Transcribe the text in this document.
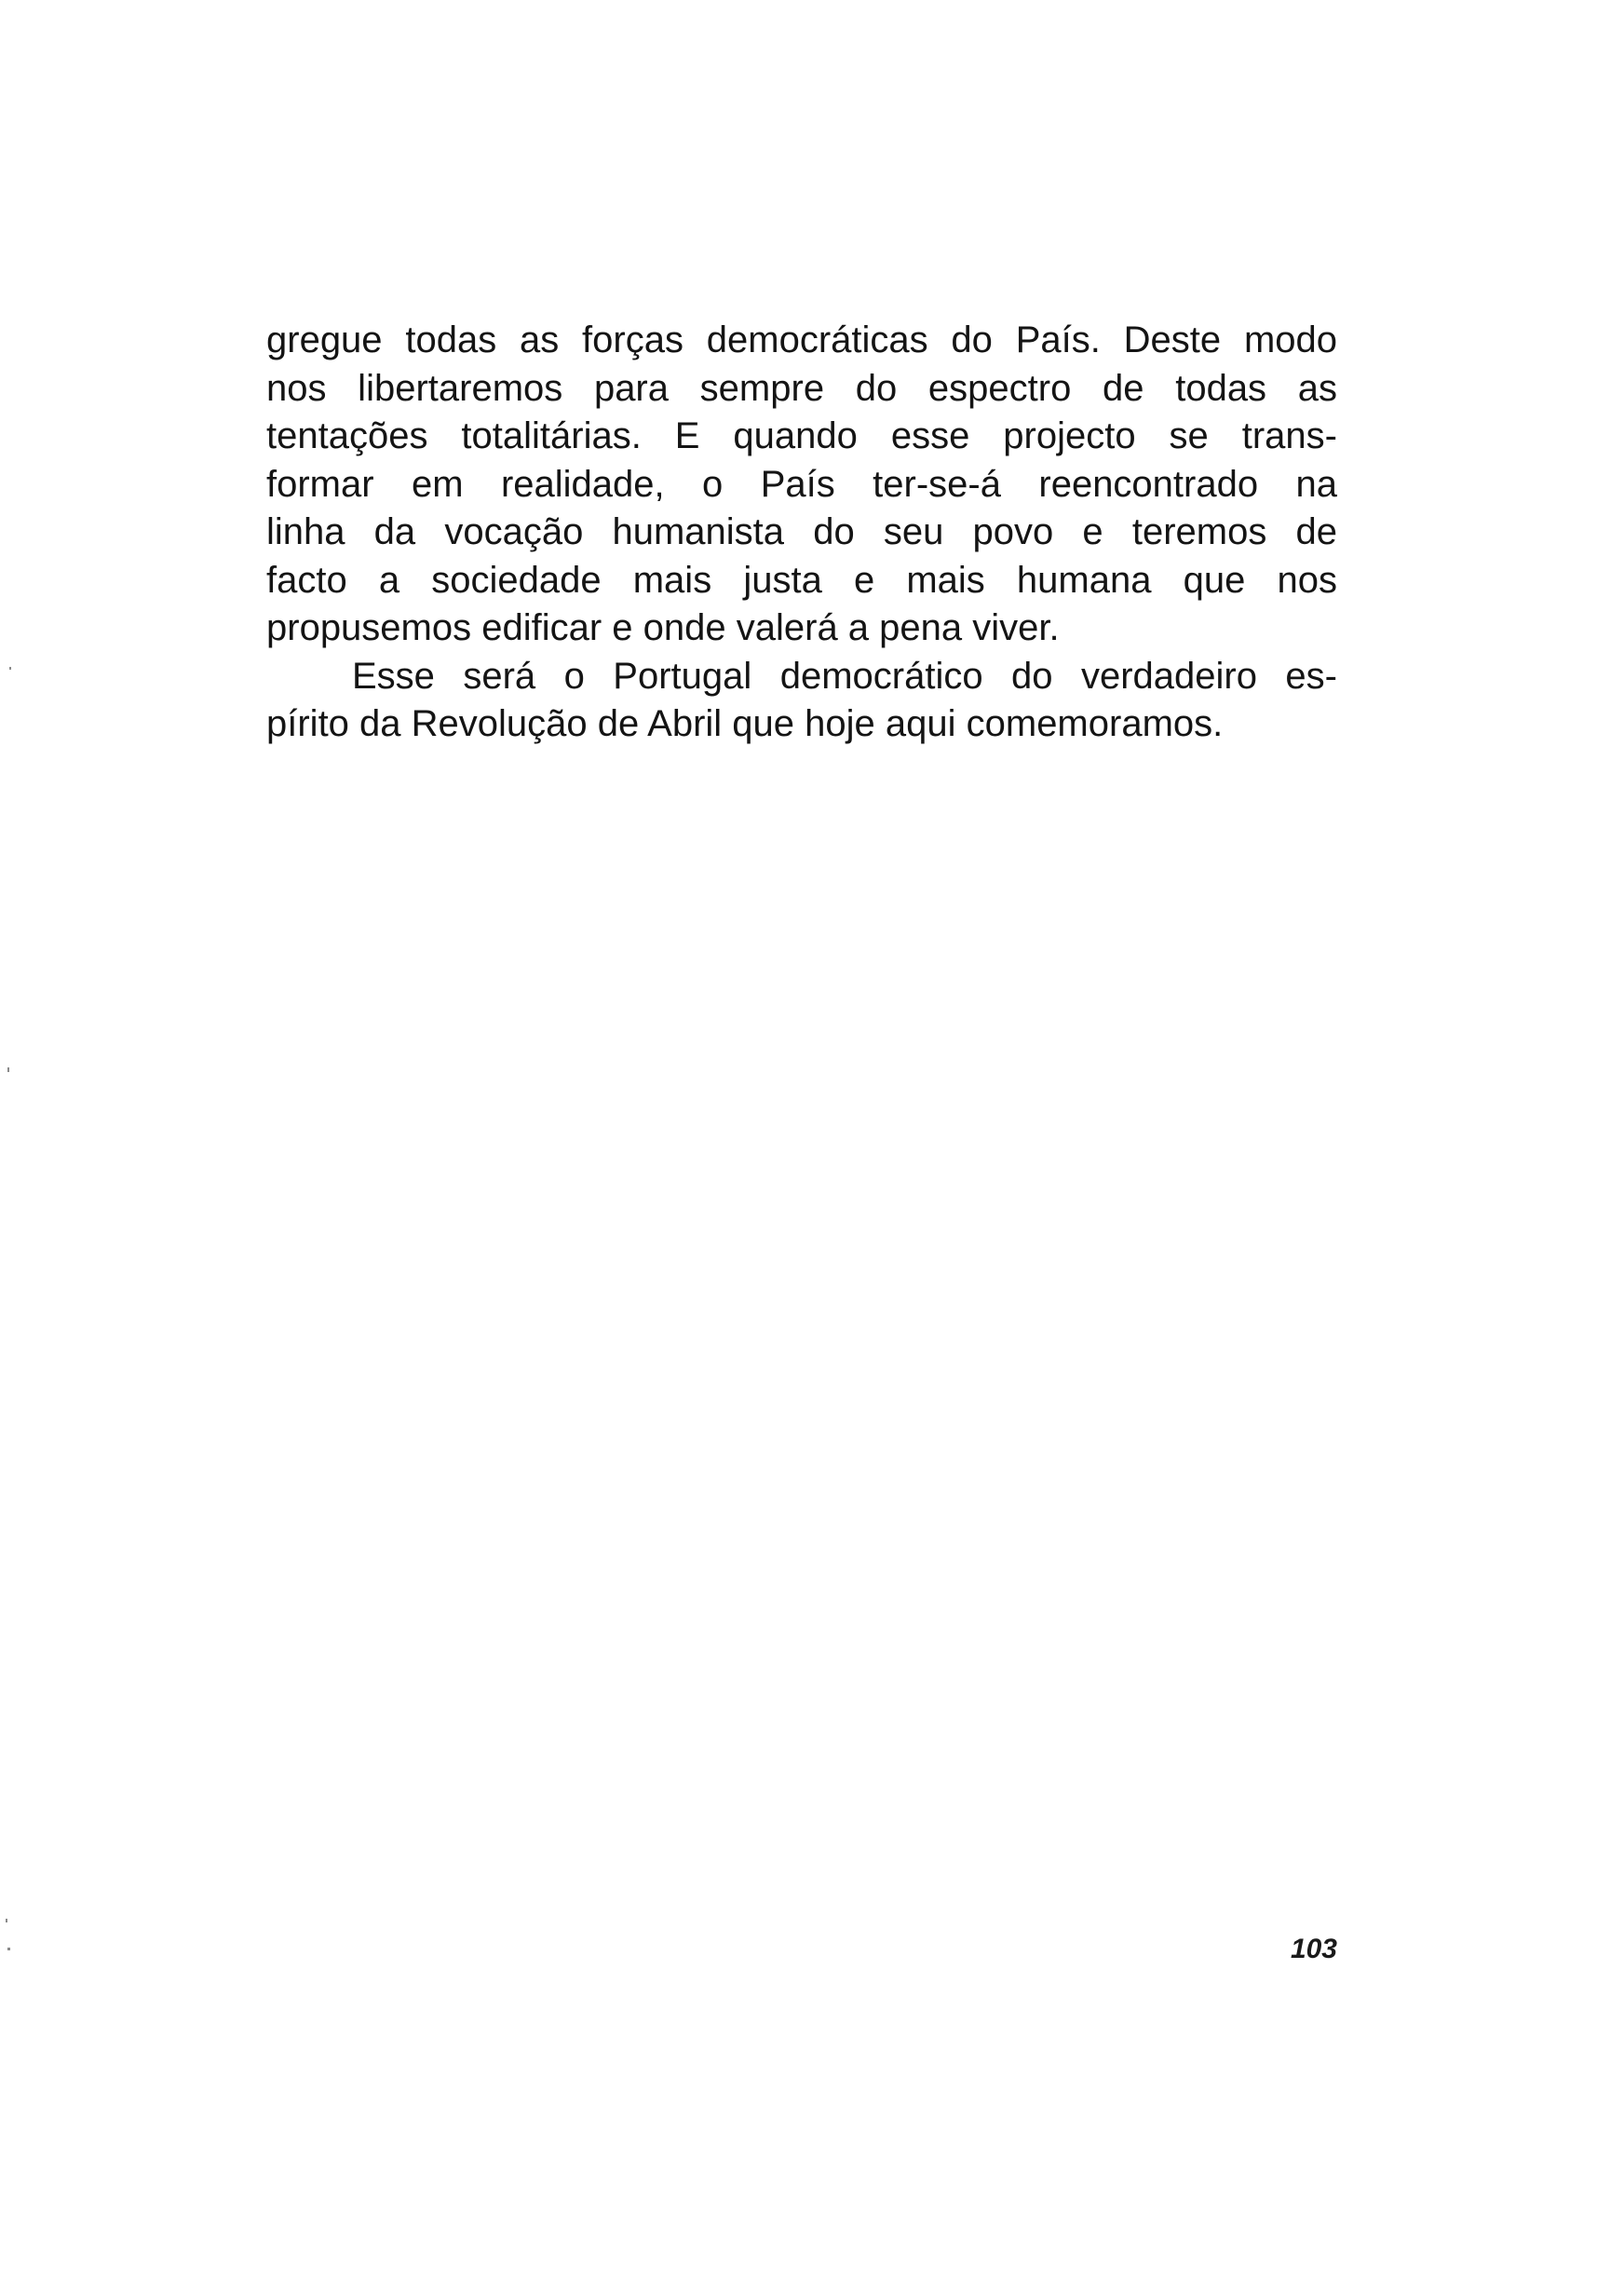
gregue todas as forças democráticas do País. Deste modo
nos libertaremos para sempre do espectro de todas as
tentações totalitárias. E quando esse projecto se trans-
formar em realidade, o País ter-se-á reencontrado na
linha da vocação humanista do seu povo e teremos de
facto a sociedade mais justa e mais humana que nos
propusemos edificar e onde valerá a pena viver.
Esse será o Portugal democrático do verdadeiro es-
pírito da Revolução de Abril que hoje aqui comemoramos.
103
